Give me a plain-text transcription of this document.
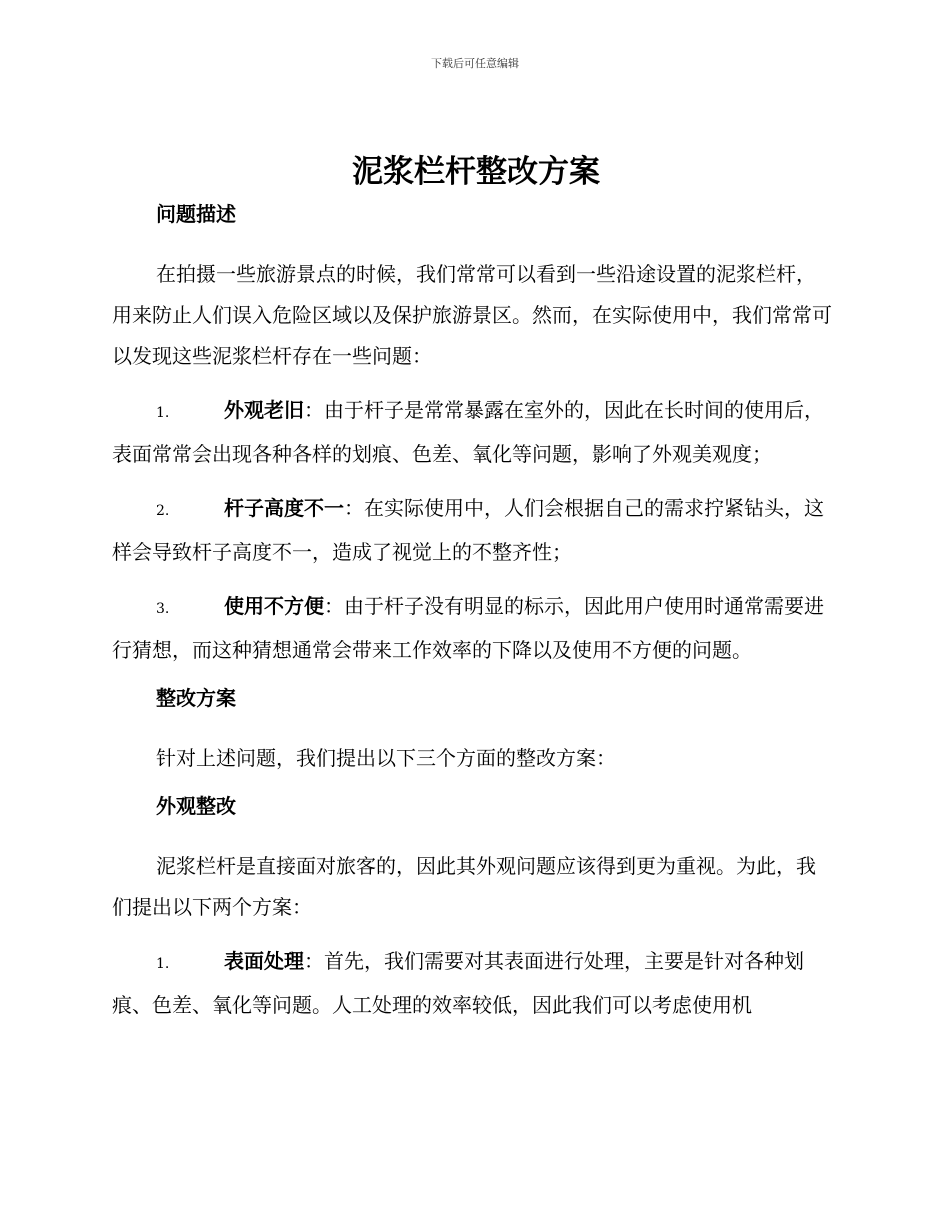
下载后可任意编辑
泥浆栏杆整改方案
问题描述

在拍摄一些旅游景点的时候，我们常常可以看到一些沿途设置的泥浆栏杆，用来防止人们误入危险区域以及保护旅游景区。然而，在实际使用中，我们常常可以发现这些泥浆栏杆存在一些问题：

1.	外观老旧：由于杆子是常常暴露在室外的，因此在长时间的使用后，表面常常会出现各种各样的划痕、色差、氧化等问题，影响了外观美观度；

2.	杆子高度不一：在实际使用中，人们会根据自己的需求拧紧钻头，这样会导致杆子高度不一，造成了视觉上的不整齐性；

3.	使用不方便：由于杆子没有明显的标示，因此用户使用时通常需要进行猜想，而这种猜想通常会带来工作效率的下降以及使用不方便的问题。

整改方案

针对上述问题，我们提出以下三个方面的整改方案：

外观整改

泥浆栏杆是直接面对旅客的，因此其外观问题应该得到更为重视。为此，我们提出以下两个方案：

1.	表面处理：首先，我们需要对其表面进行处理，主要是针对各种划痕、色差、氧化等问题。人工处理的效率较低，因此我们可以考虑使用机
